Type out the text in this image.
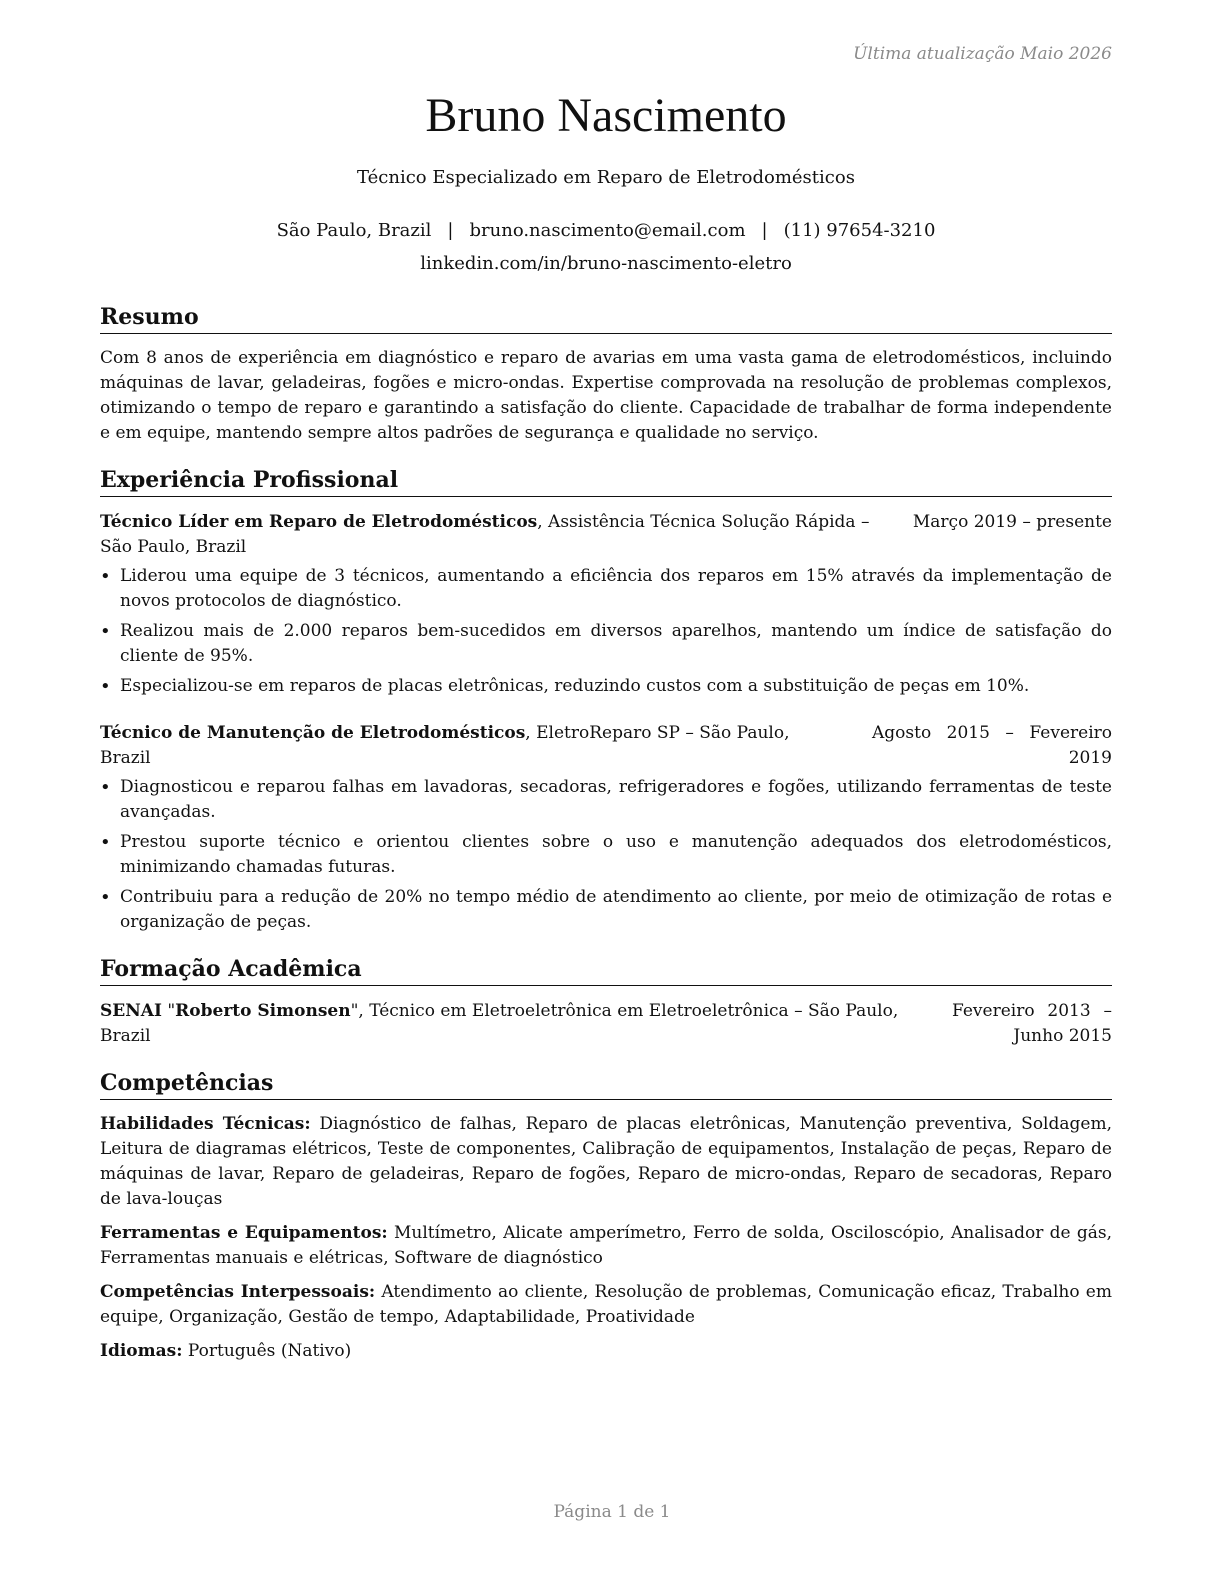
Última atualização Maio 2026
Bruno Nascimento
Técnico Especializado em Reparo de Eletrodomésticos
São Paulo, Brazil | bruno.nascimento@email.com | (11) 97654-3210
linkedin.com/in/bruno-nascimento-eletro
Resumo

Com 8 anos de experiência em diagnóstico e reparo de avarias em uma vasta gama de eletrodomésticos, incluindo máquinas de lavar, geladeiras, fogões e micro-ondas. Expertise comprovada na resolução de problemas complexos, otimizando o tempo de reparo e garantindo a satisfação do cliente. Capacidade de trabalhar de forma independente e em equipe, mantendo sempre altos padrões de segurança e qualidade no serviço.

Experiência Profissional
Técnico Líder em Reparo de Eletrodomésticos, Assistência Técnica Solução Rápida – São Paulo, Brazil
Março 2019 – presente
• Liderou uma equipe de 3 técnicos, aumentando a eficiência dos reparos em 15% através da implementação de novos protocolos de diagnóstico.
• Realizou mais de 2.000 reparos bem-sucedidos em diversos aparelhos, mantendo um índice de satisfação do cliente de 95%.
• Especializou-se em reparos de placas eletrônicas, reduzindo custos com a substituição de peças em 10%.
Técnico de Manutenção de Eletrodomésticos, EletroReparo SP – São Paulo, Brazil
Agosto 2015 – Fevereiro 2019
• Diagnosticou e reparou falhas em lavadoras, secadoras, refrigeradores e fogões, utilizando ferramentas de teste avançadas.
• Prestou suporte técnico e orientou clientes sobre o uso e manutenção adequados dos eletrodomésticos, minimizando chamadas futuras.
• Contribuiu para a redução de 20% no tempo médio de atendimento ao cliente, por meio de otimização de rotas e organização de peças.
Formação Acadêmica
SENAI "Roberto Simonsen", Técnico em Eletroeletrônica em Eletroeletrônica – São Paulo, Brazil
Fevereiro 2013 – Junho 2015
Competências

Habilidades Técnicas: Diagnóstico de falhas, Reparo de placas eletrônicas, Manutenção preventiva, Soldagem, Leitura de diagramas elétricos, Teste de componentes, Calibração de equipamentos, Instalação de peças, Reparo de máquinas de lavar, Reparo de geladeiras, Reparo de fogões, Reparo de micro-ondas, Reparo de secadoras, Reparo de lava-louças

Ferramentas e Equipamentos: Multímetro, Alicate amperímetro, Ferro de solda, Osciloscópio, Analisador de gás, Ferramentas manuais e elétricas, Software de diagnóstico

Competências Interpessoais: Atendimento ao cliente, Resolução de problemas, Comunicação eficaz, Trabalho em equipe, Organização, Gestão de tempo, Adaptabilidade, Proatividade

Idiomas: Português (Nativo)

Página 1 de 1
